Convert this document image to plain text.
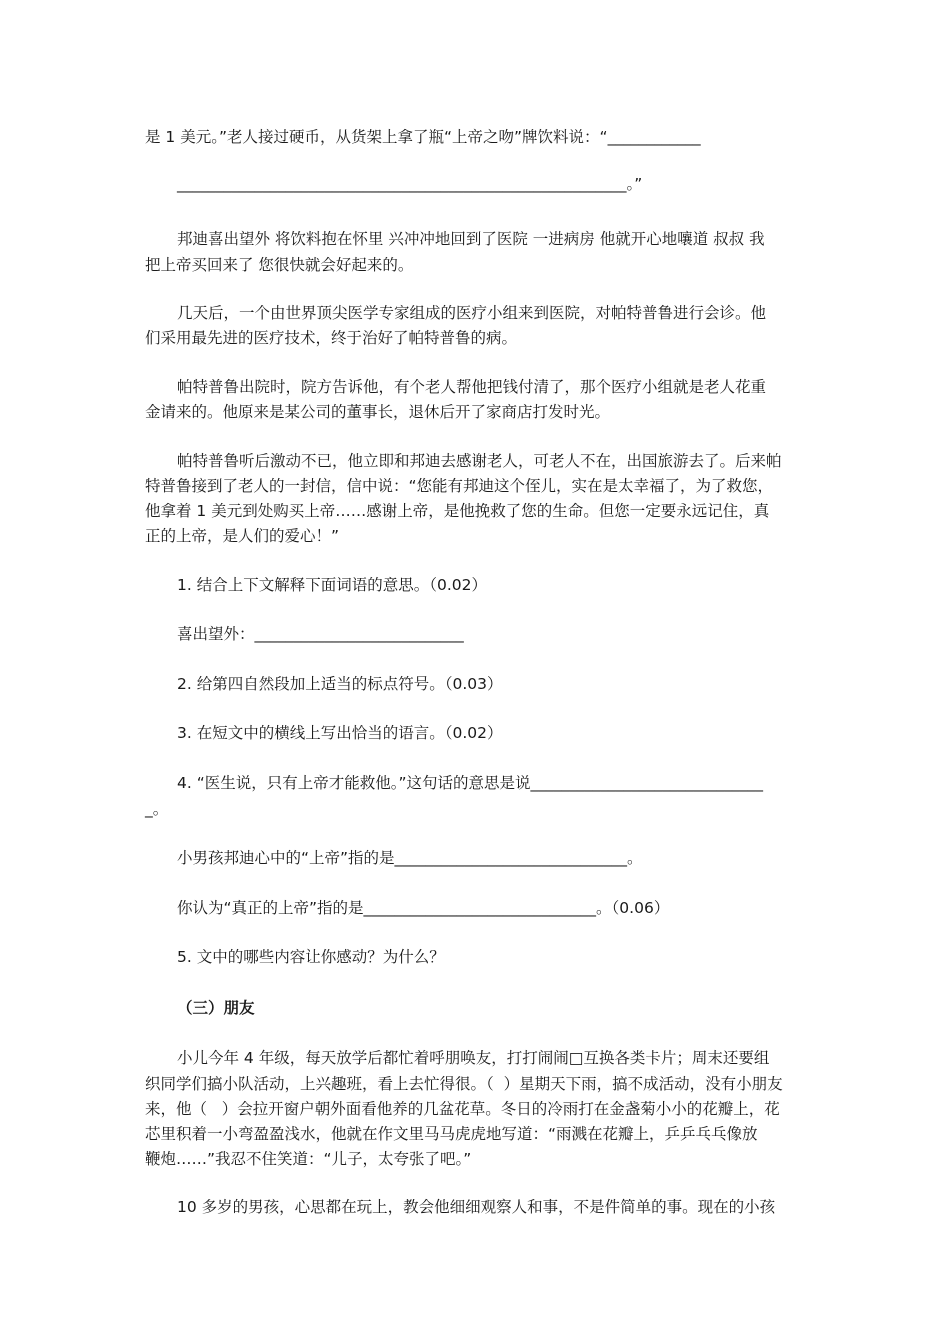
是 1 美元。”老人接过硬币，从货架上拿了瓶“上帝之吻”牌饮料说：“____________
__________________________________________________________。”
邦迪喜出望外 将饮料抱在怀里 兴冲冲地回到了医院 一进病房 他就开心地嚷道 叔叔 我
把上帝买回来了 您很快就会好起来的。
几天后，一个由世界顶尖医学专家组成的医疗小组来到医院，对帕特普鲁进行会诊。他
们采用最先进的医疗技术，终于治好了帕特普鲁的病。
帕特普鲁出院时，院方告诉他，有个老人帮他把钱付清了，那个医疗小组就是老人花重
金请来的。他原来是某公司的董事长，退休后开了家商店打发时光。
帕特普鲁听后激动不已，他立即和邦迪去感谢老人，可老人不在，出国旅游去了。后来帕
特普鲁接到了老人的一封信，信中说：“您能有邦迪这个侄儿，实在是太幸福了，为了救您，
他拿着 1 美元到处购买上帝……感谢上帝，是他挽救了您的生命。但您一定要永远记住，真
正的上帝，是人们的爱心！”
1. 结合上下文解释下面词语的意思。（0.02）
喜出望外：___________________________
2. 给第四自然段加上适当的标点符号。（0.03）
3. 在短文中的横线上写出恰当的语言。（0.02）
4. “医生说，只有上帝才能救他。”这句话的意思是说______________________________
_。
小男孩邦迪心中的“上帝”指的是______________________________。
你认为“真正的上帝”指的是______________________________。（0.06）
5. 文中的哪些内容让你感动？为什么？
（三）朋友
小儿今年 4 年级，每天放学后都忙着呼朋唤友，打打闹闹□互换各类卡片；周末还要组
织同学们搞小队活动，上兴趣班，看上去忙得很。（  ）星期天下雨，搞不成活动，没有小朋友
来，他（   ）会拉开窗户朝外面看他养的几盆花草。冬日的冷雨打在金盏菊小小的花瓣上，花
芯里积着一小弯盈盈浅水，他就在作文里马马虎虎地写道：“雨溅在花瓣上，乒乒乓乓像放
鞭炮……”我忍不住笑道：“儿子，太夸张了吧。”
10 多岁的男孩，心思都在玩上，教会他细细观察人和事，不是件简单的事。现在的小孩
